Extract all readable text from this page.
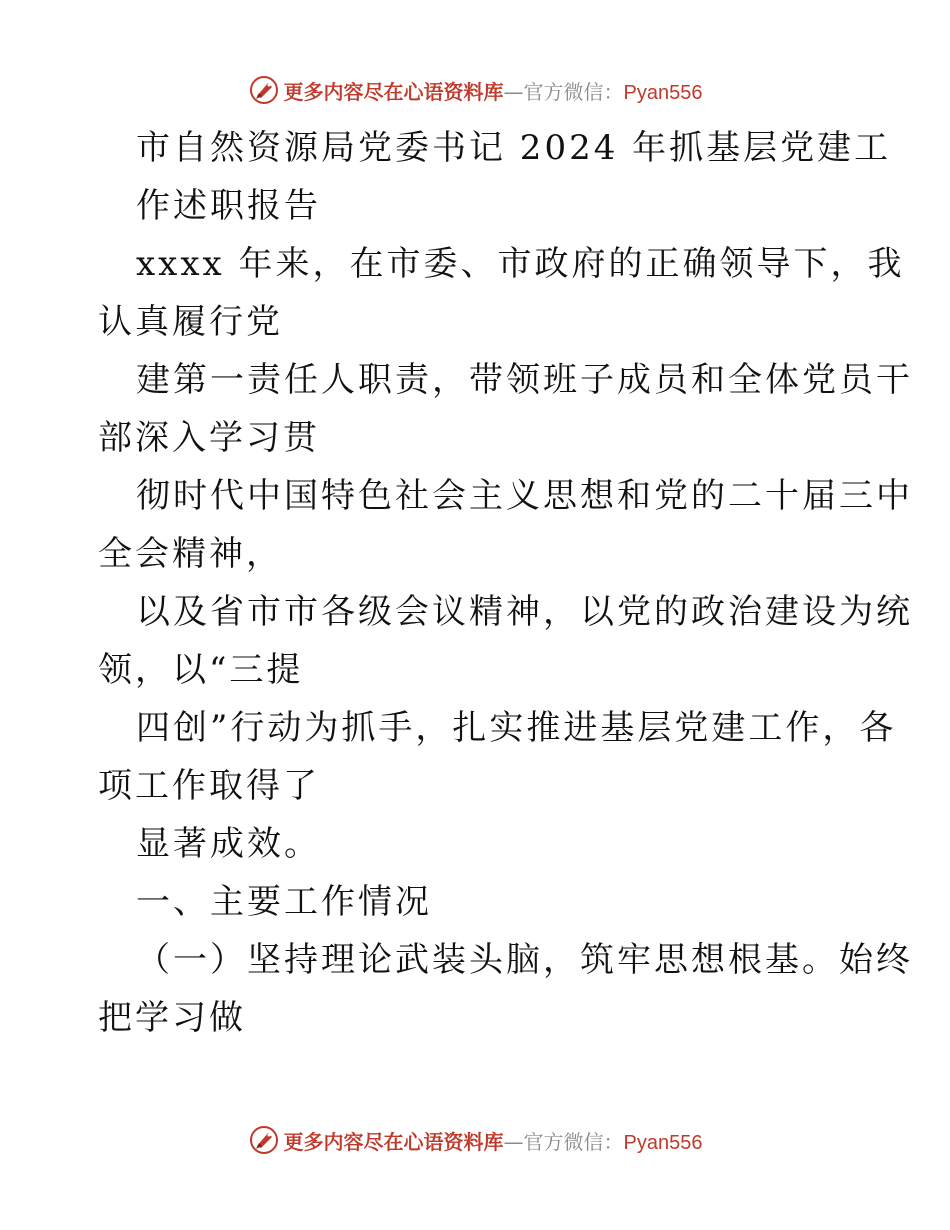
更多内容尽在心语资料库—官方微信：Pyan556
市自然资源局党委书记 2024 年抓基层党建工
作述职报告
xxxx 年来，在市委、市政府的正确领导下，我
认真履行党
建第一责任人职责，带领班子成员和全体党员干
部深入学习贯
彻时代中国特色社会主义思想和党的二十届三中
全会精神，
以及省市市各级会议精神，以党的政治建设为统
领，以“三提
四创”行动为抓手，扎实推进基层党建工作，各
项工作取得了
显著成效。
一、主要工作情况
（一）坚持理论武装头脑，筑牢思想根基。始终
把学习做
更多内容尽在心语资料库—官方微信：Pyan556
